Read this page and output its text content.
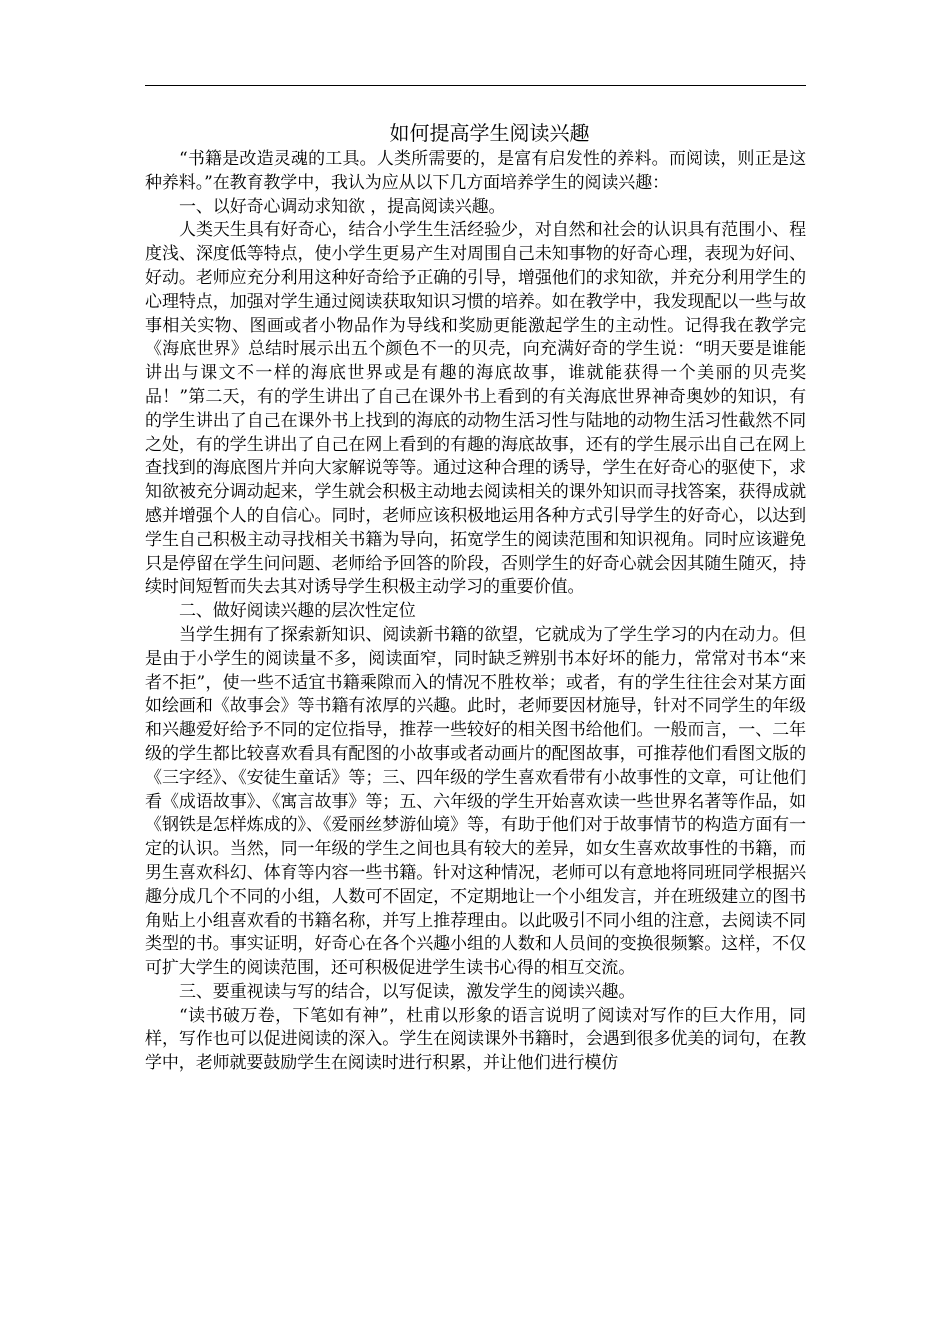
如何提高学生阅读兴趣

“书籍是改造灵魂的工具。人类所需要的，是富有启发性的养料。而阅读，则正是这种养料。”在教育教学中，我认为应从以下几方面培养学生的阅读兴趣：

一、以好奇心调动求知欲 ，提高阅读兴趣。

人类天生具有好奇心，结合小学生生活经验少，对自然和社会的认识具有范围小、程度浅、深度低等特点，使小学生更易产生对周围自己未知事物的好奇心理，表现为好问、好动。老师应充分利用这种好奇给予正确的引导，增强他们的求知欲，并充分利用学生的心理特点，加强对学生通过阅读获取知识习惯的培养。如在教学中，我发现配以一些与故事相关实物、图画或者小物品作为导线和奖励更能激起学生的主动性。记得我在教学完《海底世界》总结时展示出五个颜色不一的贝壳，向充满好奇的学生说：“明天要是谁能讲出与课文不一样的海底世界或是有趣的海底故事，谁就能获得一个美丽的贝壳奖品！”第二天，有的学生讲出了自己在课外书上看到的有关海底世界神奇奥妙的知识，有的学生讲出了自己在课外书上找到的海底的动物生活习性与陆地的动物生活习性截然不同之处，有的学生讲出了自己在网上看到的有趣的海底故事，还有的学生展示出自己在网上查找到的海底图片并向大家解说等等。通过这种合理的诱导，学生在好奇心的驱使下，求知欲被充分调动起来，学生就会积极主动地去阅读相关的课外知识而寻找答案，获得成就感并增强个人的自信心。同时，老师应该积极地运用各种方式引导学生的好奇心，以达到学生自己积极主动寻找相关书籍为导向，拓宽学生的阅读范围和知识视角。同时应该避免只是停留在学生问问题、老师给予回答的阶段，否则学生的好奇心就会因其随生随灭，持续时间短暂而失去其对诱导学生积极主动学习的重要价值。

二、做好阅读兴趣的层次性定位

当学生拥有了探索新知识、阅读新书籍的欲望，它就成为了学生学习的内在动力。但是由于小学生的阅读量不多，阅读面窄，同时缺乏辨别书本好坏的能力，常常对书本“来者不拒”，使一些不适宜书籍乘隙而入的情况不胜枚举；或者，有的学生往往会对某方面如绘画和《故事会》等书籍有浓厚的兴趣。此时，老师要因材施导，针对不同学生的年级和兴趣爱好给予不同的定位指导，推荐一些较好的相关图书给他们。一般而言，一、二年级的学生都比较喜欢看具有配图的小故事或者动画片的配图故事，可推荐他们看图文版的《三字经》、《安徒生童话》等；三、四年级的学生喜欢看带有小故事性的文章，可让他们看《成语故事》、《寓言故事》等；五、六年级的学生开始喜欢读一些世界名著等作品，如《钢铁是怎样炼成的》、《爱丽丝梦游仙境》等，有助于他们对于故事情节的构造方面有一定的认识。当然，同一年级的学生之间也具有较大的差异，如女生喜欢故事性的书籍，而男生喜欢科幻、体育等内容一些书籍。针对这种情况，老师可以有意地将同班同学根据兴趣分成几个不同的小组，人数可不固定，不定期地让一个小组发言，并在班级建立的图书角贴上小组喜欢看的书籍名称，并写上推荐理由。以此吸引不同小组的注意，去阅读不同类型的书。事实证明，好奇心在各个兴趣小组的人数和人员间的变换很频繁。这样，不仅可扩大学生的阅读范围，还可积极促进学生读书心得的相互交流。

三、要重视读与写的结合，以写促读，激发学生的阅读兴趣。

“读书破万卷，下笔如有神”，杜甫以形象的语言说明了阅读对写作的巨大作用，同样，写作也可以促进阅读的深入。学生在阅读课外书籍时，会遇到很多优美的词句，在教学中，老师就要鼓励学生在阅读时进行积累，并让他们进行模仿
